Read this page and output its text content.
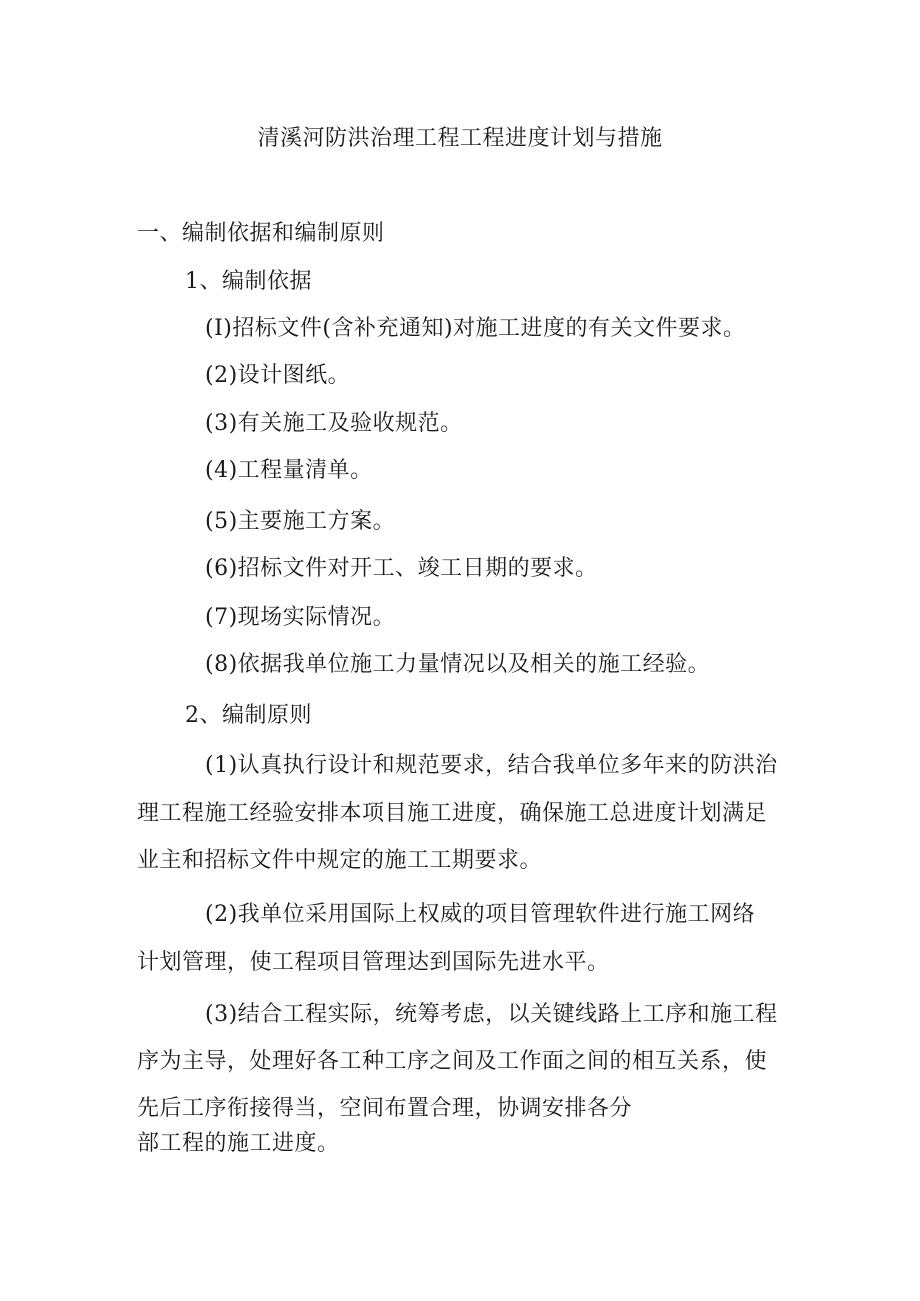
清溪河防洪治理工程工程进度计划与措施
一、编制依据和编制原则
1、编制依据
(I)招标文件(含补充通知)对施工进度的有关文件要求。
(2)设计图纸。
(3)有关施工及验收规范。
(4)工程量清单。
(5)主要施工方案。
(6)招标文件对开工、竣工日期的要求。
(7)现场实际情况。
(8)依据我单位施工力量情况以及相关的施工经验。
2、编制原则
(1)认真执行设计和规范要求，结合我单位多年来的防洪治
理工程施工经验安排本项目施工进度，确保施工总进度计划满足
业主和招标文件中规定的施工工期要求。
(2)我单位采用国际上权威的项目管理软件进行施工网络
计划管理，使工程项目管理达到国际先进水平。
(3)结合工程实际，统筹考虑，以关键线路上工序和施工程
序为主导，处理好各工种工序之间及工作面之间的相互关系，使
先后工序衔接得当，空间布置合理，协调安排各分
部工程的施工进度。
